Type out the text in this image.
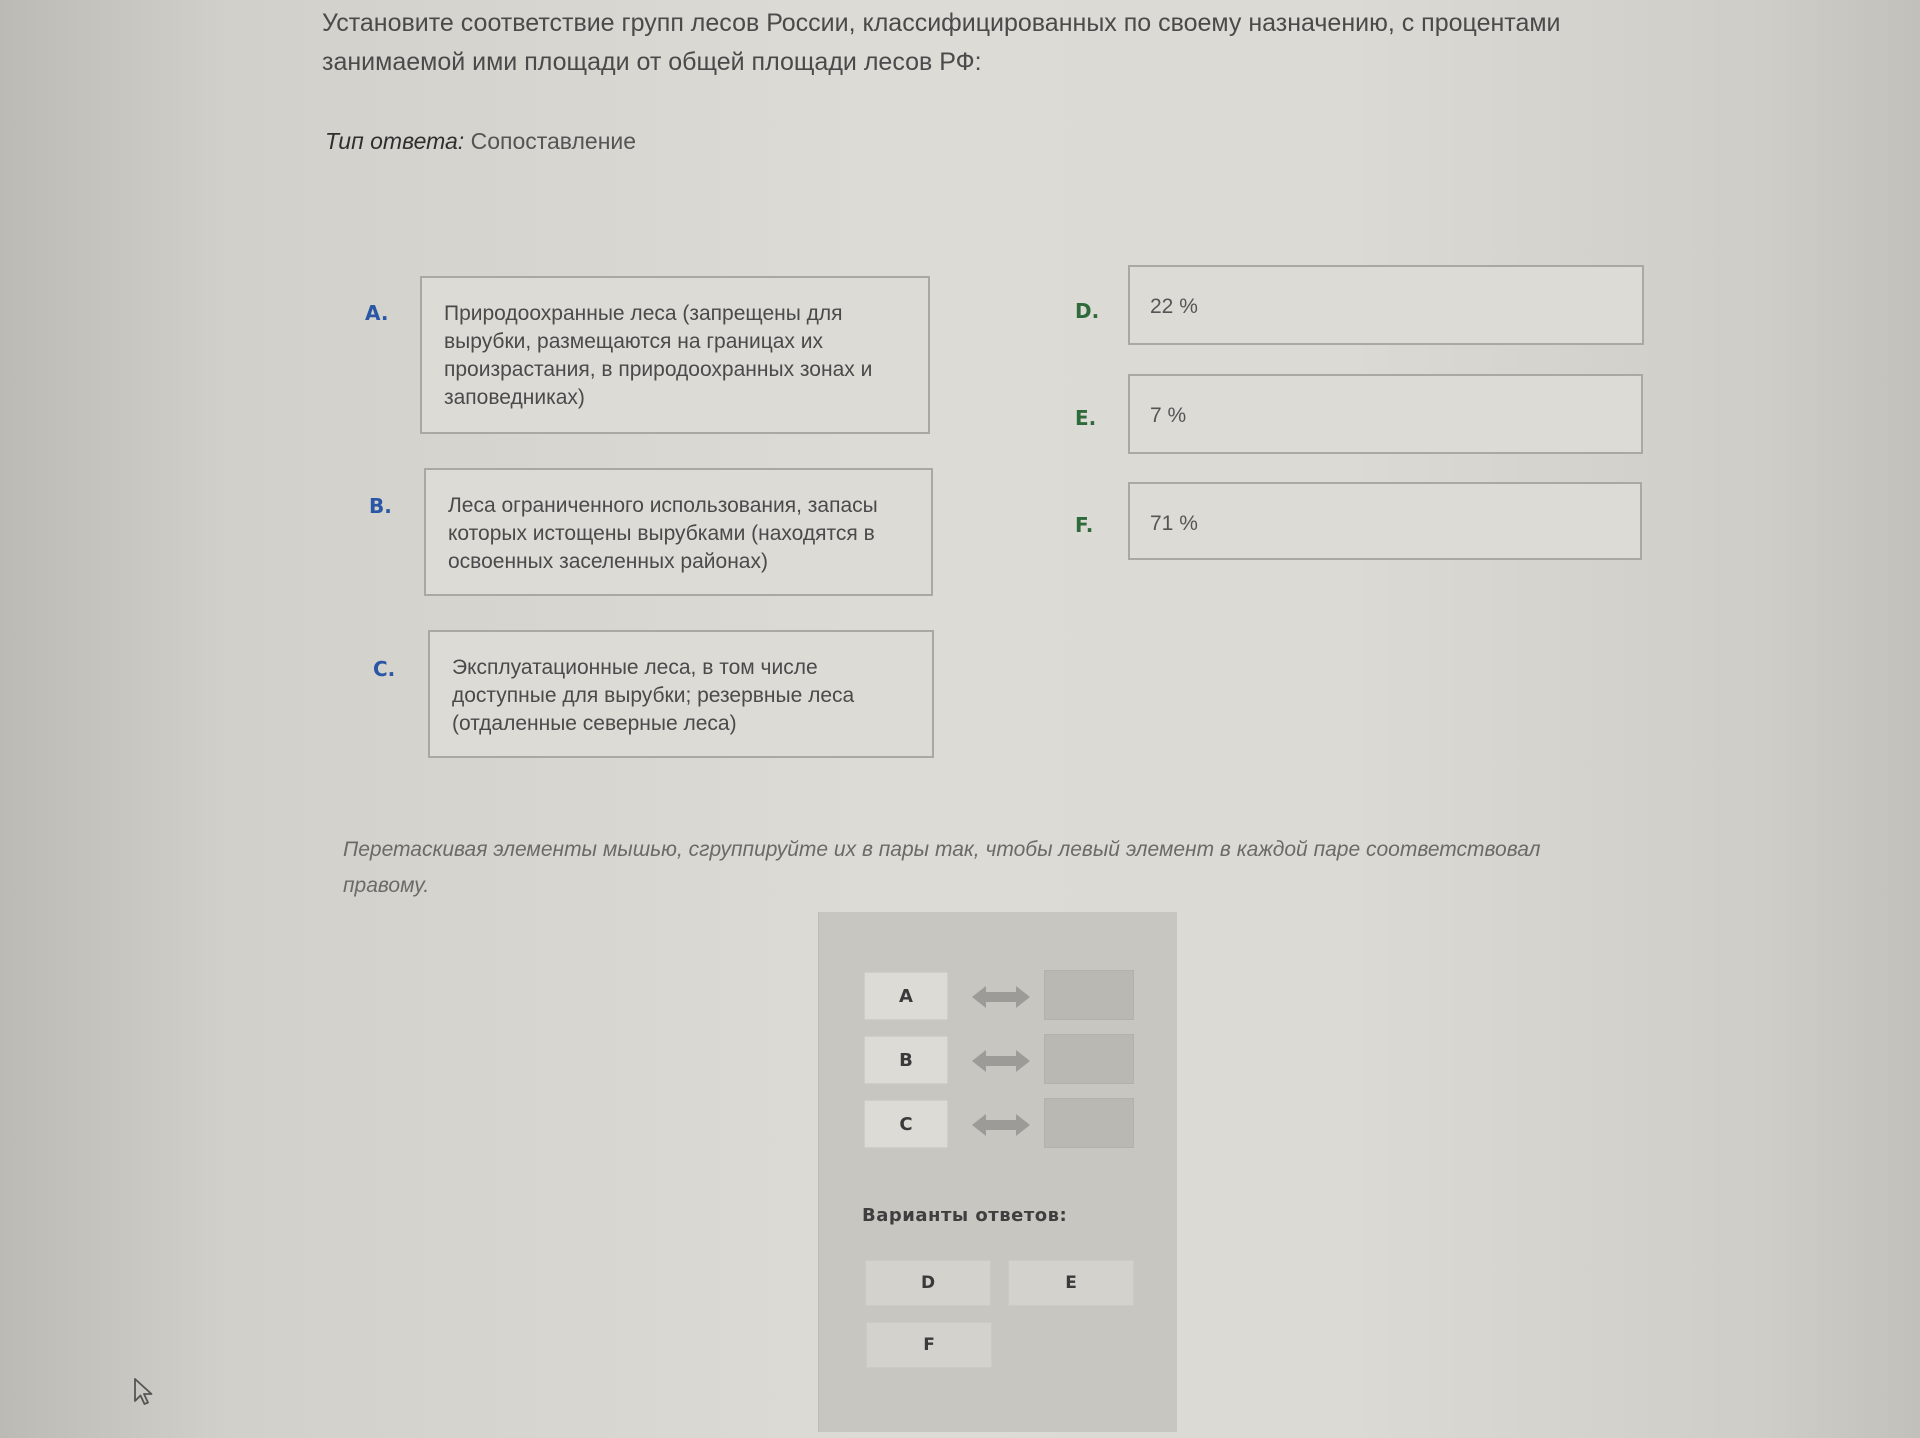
Установите соответствие групп лесов России, классифицированных по своему назначению, с процентами
занимаемой ими площади от общей площади лесов РФ:
Тип ответа: Сопоставление
A.	Природоохранные леса (запрещены для вырубки, размещаются на границах их произрастания, в природоохранных зонах и заповедниках)
B.	Леса ограниченного использования, запасы которых истощены вырубками (находятся в освоенных заселенных районах)
C.	Эксплуатационные леса, в том числе доступные для вырубки; резервные леса (отдаленные северные леса)
D.	22 %
E.	7 %
F.	71 %
Перетаскивая элементы мышью, сгруппируйте их в пары так, чтобы левый элемент в каждой паре соответствовал правому.
A
B
C
Варианты ответов:
D	E
F
